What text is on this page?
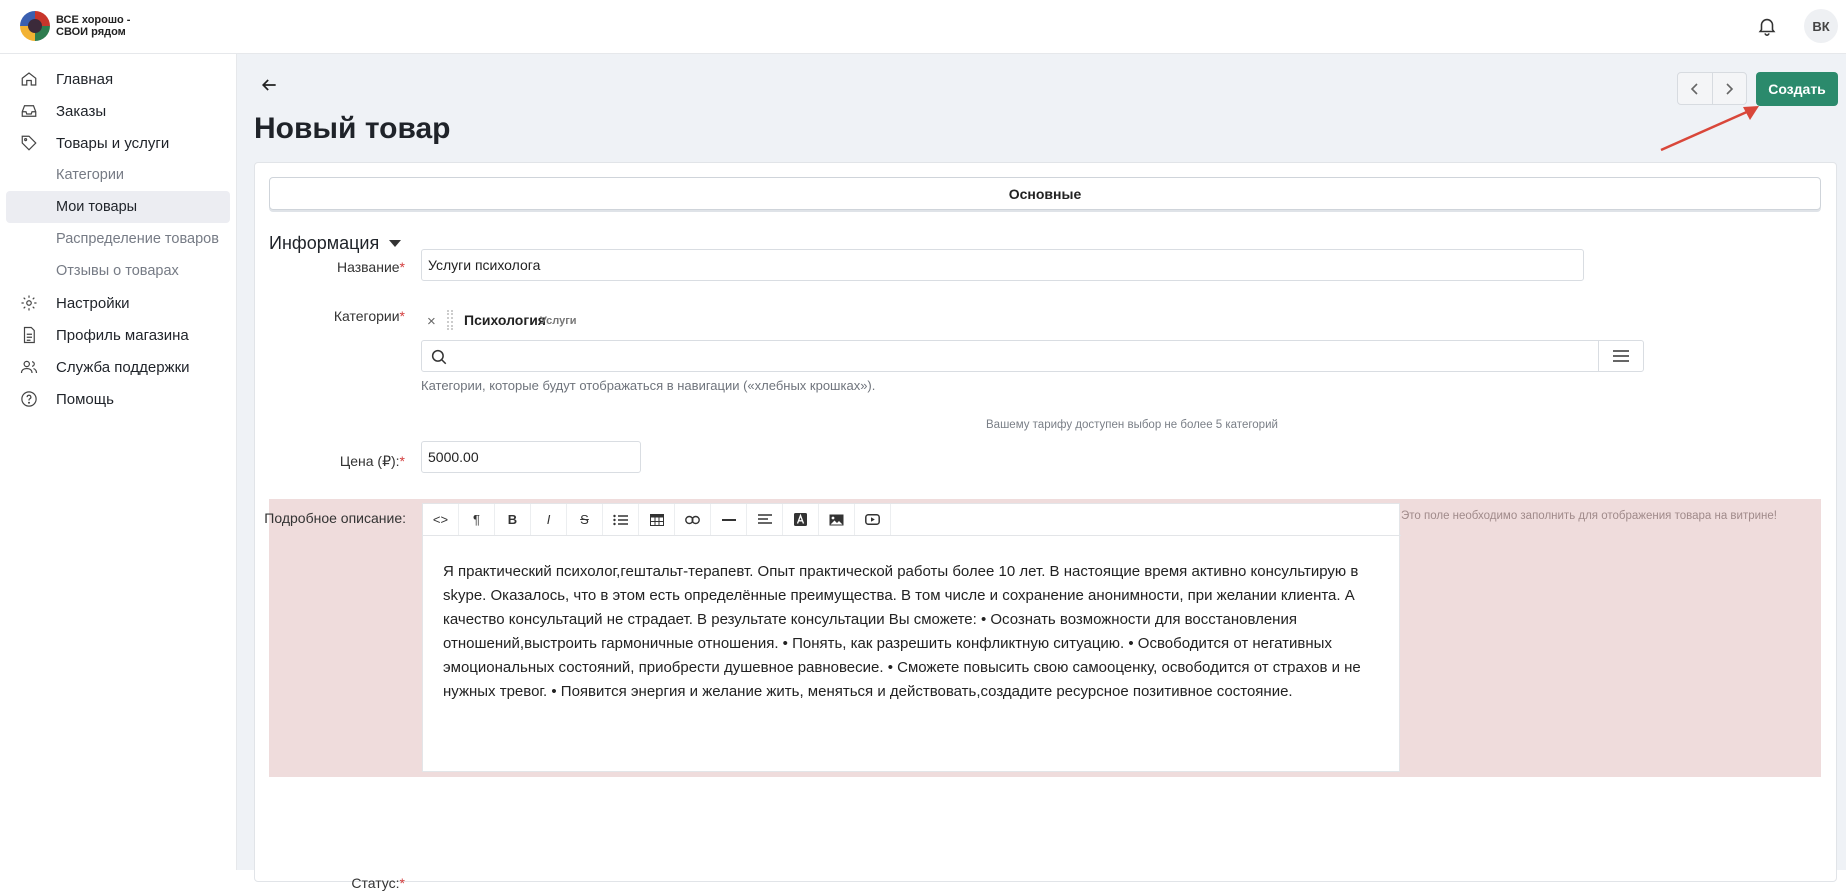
ВСЕ хорошо -
СВОИ рядом	ВК
Главная
Заказы
Товары и услуги
Категории
Мои товары
Распределение товаров
Отзывы о товарах
Настройки
Профиль магазина
Служба поддержки
Помощь
Новый товар
Создать
Основные
Информация
Название*	Услуги психолога
Категории* × Психология
Услуги
Категории, которые будут отображаться в навигации («хлебных крошках»).
Вашему тарифу доступен выбор не более 5 категорий
Цена (₽):*	5000.00
Подробное описание: <> ¶ B I S
Я практический психолог,гештальт-терапевт. Опыт практической работы более 10 лет. В настоящие время активно консультирую в skype. Оказалось, что в этом есть определённые преимущества. В том числе и сохранение анонимности, при желании клиента. А качество консультаций не страдает. В результате консультации Вы сможете: • Осознать возможности для восстановления отношений,выстроить гармоничные отношения. • Понять, как разрешить конфликтную ситуацию. • Освободится от негативных эмоциональных состояний, приобрести душевное равновесие. • Сможете повысить свою самооценку, освободится от страхов и не нужных тревог. • Появится энергия и желание жить, меняться и действовать,создадите ресурсное позитивное состояние.
Это поле необходимо заполнить для отображения товара на витрине!
Статус:*
